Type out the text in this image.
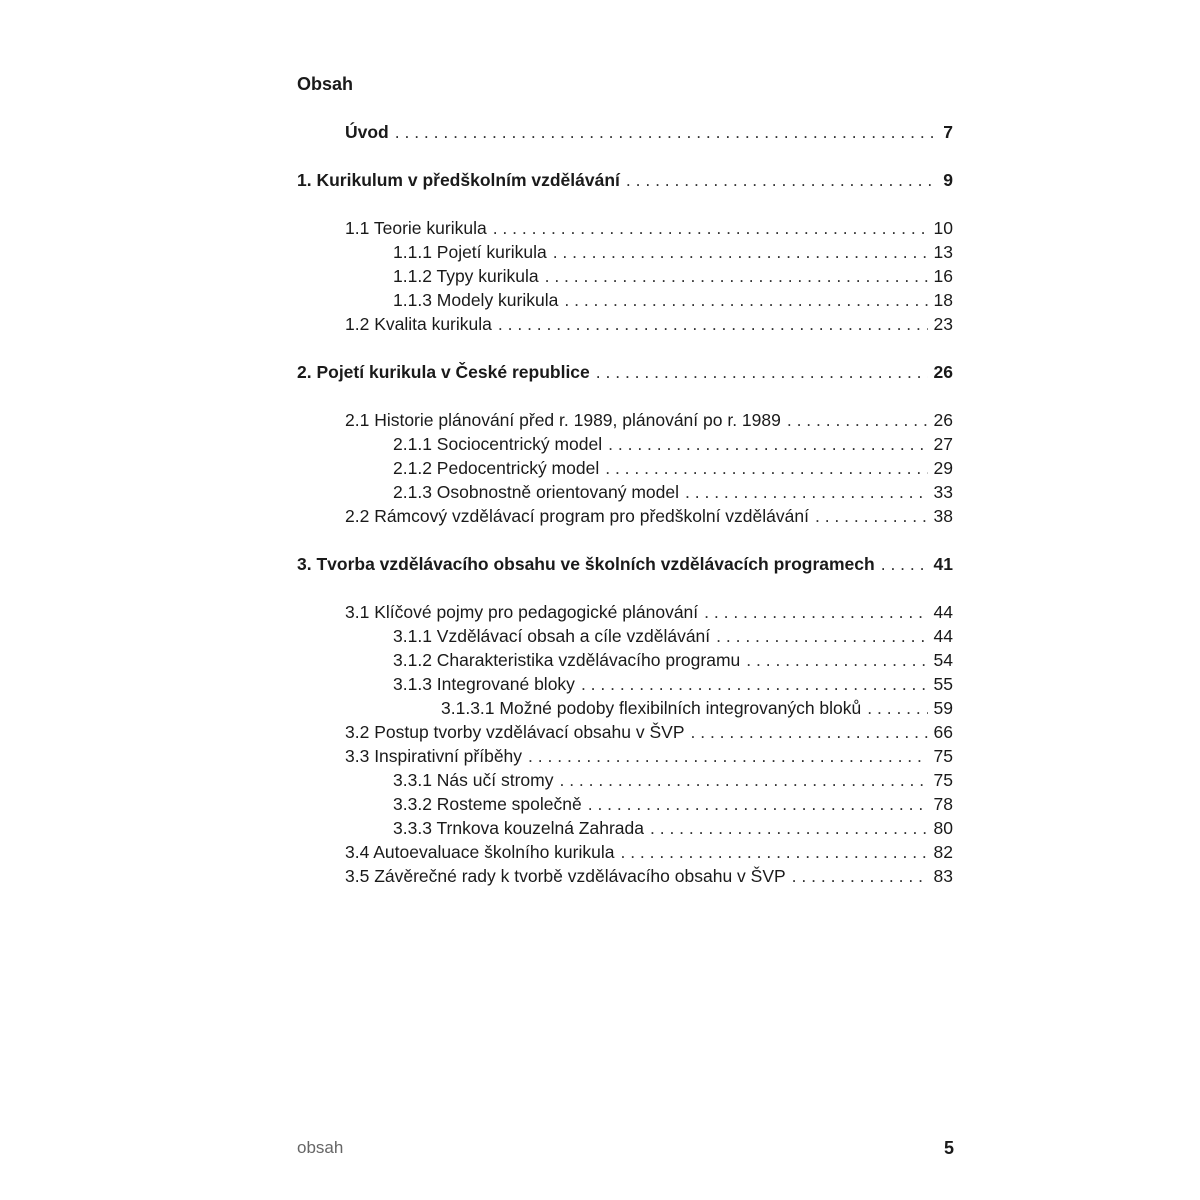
Obsah
Úvod . . .	7
1. Kurikulum v předškolním vzdělávání . . .	9
1.1 Teorie kurikula . . .	10
1.1.1 Pojetí kurikula . . .	13
1.1.2 Typy kurikula . . .	16
1.1.3 Modely kurikula . . .	18
1.2 Kvalita kurikula . . .	23
2. Pojetí kurikula v České republice . . .	26
2.1 Historie plánování před r. 1989, plánování po r. 1989 . . .	26
2.1.1 Sociocentrický model . . .	27
2.1.2 Pedocentrický model . . .	29
2.1.3 Osobnostně orientovaný model . . .	33
2.2 Rámcový vzdělávací program pro předškolní vzdělávání . . .	38
3. Tvorba vzdělávacího obsahu ve školních vzdělávacích programech . . .	41
3.1 Klíčové pojmy pro pedagogické plánování . . .	44
3.1.1 Vzdělávací obsah a cíle vzdělávání . . .	44
3.1.2 Charakteristika vzdělávacího programu . . .	54
3.1.3 Integrované bloky . . .	55
3.1.3.1 Možné podoby flexibilních integrovaných bloků . . .	59
3.2 Postup tvorby vzdělávací obsahu v ŠVP . . .	66
3.3 Inspirativní příběhy . . .	75
3.3.1 Nás učí stromy . . .	75
3.3.2 Rosteme společně . . .	78
3.3.3 Trnkova kouzelná Zahrada . . .	80
3.4 Autoevaluace školního kurikula . . .	82
3.5 Závěrečné rady k tvorbě vzdělávacího obsahu v ŠVP . . .	83
obsah	5
